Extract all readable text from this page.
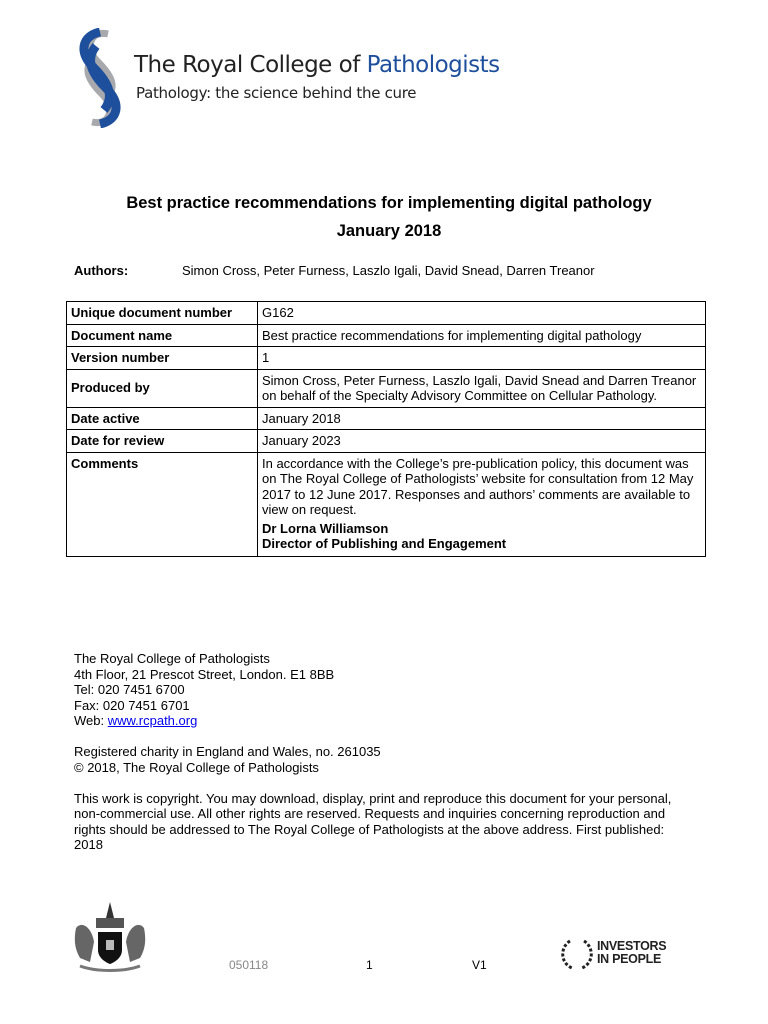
The Royal College of Pathologists
Pathology: the science behind the cure
Best practice recommendations for implementing digital pathology
January 2018
Authors:	Simon Cross, Peter Furness, Laszlo Igali, David Snead, Darren Treanor
Unique document number	G162
Document name	Best practice recommendations for implementing digital pathology
Version number	1
Produced by	Simon Cross, Peter Furness, Laszlo Igali, David Snead and Darren Treanor on behalf of the Specialty Advisory Committee on Cellular Pathology.
Date active	January 2018
Date for review	January 2023
Comments	In accordance with the College’s pre-publication policy, this document was on The Royal College of Pathologists’ website for consultation from 12 May 2017 to 12 June 2017. Responses and authors’ comments are available to view on request.
Dr Lorna Williamson
Director of Publishing and Engagement

The Royal College of Pathologists
4th Floor, 21 Prescot Street, London. E1 8BB
Tel: 020 7451 6700
Fax: 020 7451 6701
Web: www.rcpath.org

Registered charity in England and Wales, no. 261035
© 2018, The Royal College of Pathologists

This work is copyright. You may download, display, print and reproduce this document for your personal, non-commercial use. All other rights are reserved. Requests and inquiries concerning reproduction and rights should be addressed to The Royal College of Pathologists at the above address. First published: 2018

050118	1	V1
INVESTORS
IN PEOPLE
